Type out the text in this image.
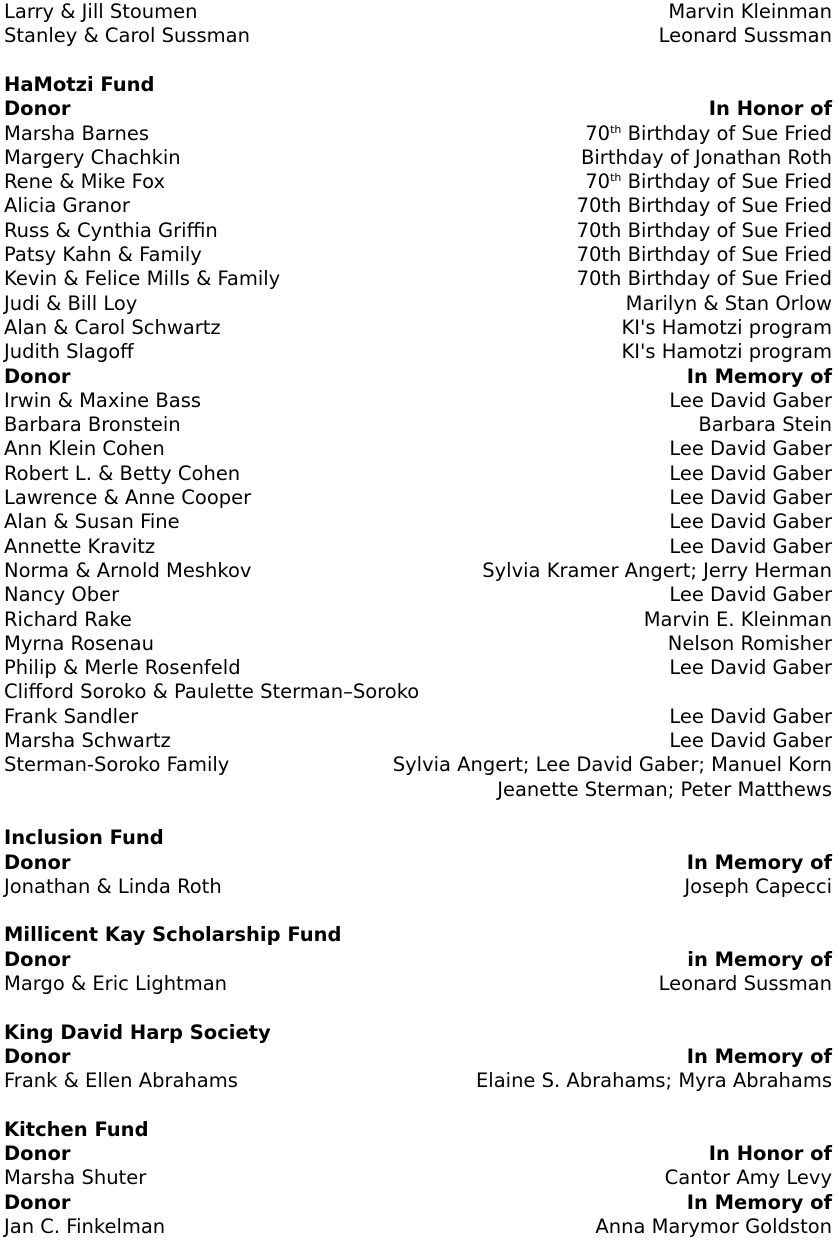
Larry & Jill Stoumen	Marvin Kleinman
Stanley & Carol Sussman	Leonard Sussman
HaMotzi Fund
Donor	In Honor of
Marsha Barnes	70th Birthday of Sue Fried
Margery Chachkin	Birthday of Jonathan Roth
Rene & Mike Fox	70th Birthday of Sue Fried
Alicia Granor	70th Birthday of Sue Fried
Russ & Cynthia Griffin	70th Birthday of Sue Fried
Patsy Kahn & Family	70th Birthday of Sue Fried
Kevin & Felice Mills & Family	70th Birthday of Sue Fried
Judi & Bill Loy	Marilyn & Stan Orlow
Alan & Carol Schwartz	KI's Hamotzi program
Judith Slagoff	KI's Hamotzi program
Donor	In Memory of
Irwin & Maxine Bass	Lee David Gaber
Barbara Bronstein	Barbara Stein
Ann Klein Cohen	Lee David Gaber
Robert L. & Betty Cohen	Lee David Gaber
Lawrence & Anne Cooper	Lee David Gaber
Alan & Susan Fine	Lee David Gaber
Annette Kravitz	Lee David Gaber
Norma & Arnold Meshkov	Sylvia Kramer Angert; Jerry Herman
Nancy Ober	Lee David Gaber
Richard Rake	Marvin E. Kleinman
Myrna Rosenau	Nelson Romisher
Philip & Merle Rosenfeld	Lee David Gaber
Clifford Soroko & Paulette Sterman–Soroko
Frank Sandler	Lee David Gaber
Marsha Schwartz	Lee David Gaber
Sterman-Soroko Family	Sylvia Angert; Lee David Gaber; Manuel Korn
Jeanette Sterman; Peter Matthews
Inclusion Fund
Donor	In Memory of
Jonathan & Linda Roth	Joseph Capecci
Millicent Kay Scholarship Fund
Donor	in Memory of
Margo & Eric Lightman	Leonard Sussman
King David Harp Society
Donor	In Memory of
Frank & Ellen Abrahams	Elaine S. Abrahams; Myra Abrahams
Kitchen Fund
Donor	In Honor of
Marsha Shuter	Cantor Amy Levy
Donor	In Memory of
Jan C. Finkelman	Anna Marymor Goldston
